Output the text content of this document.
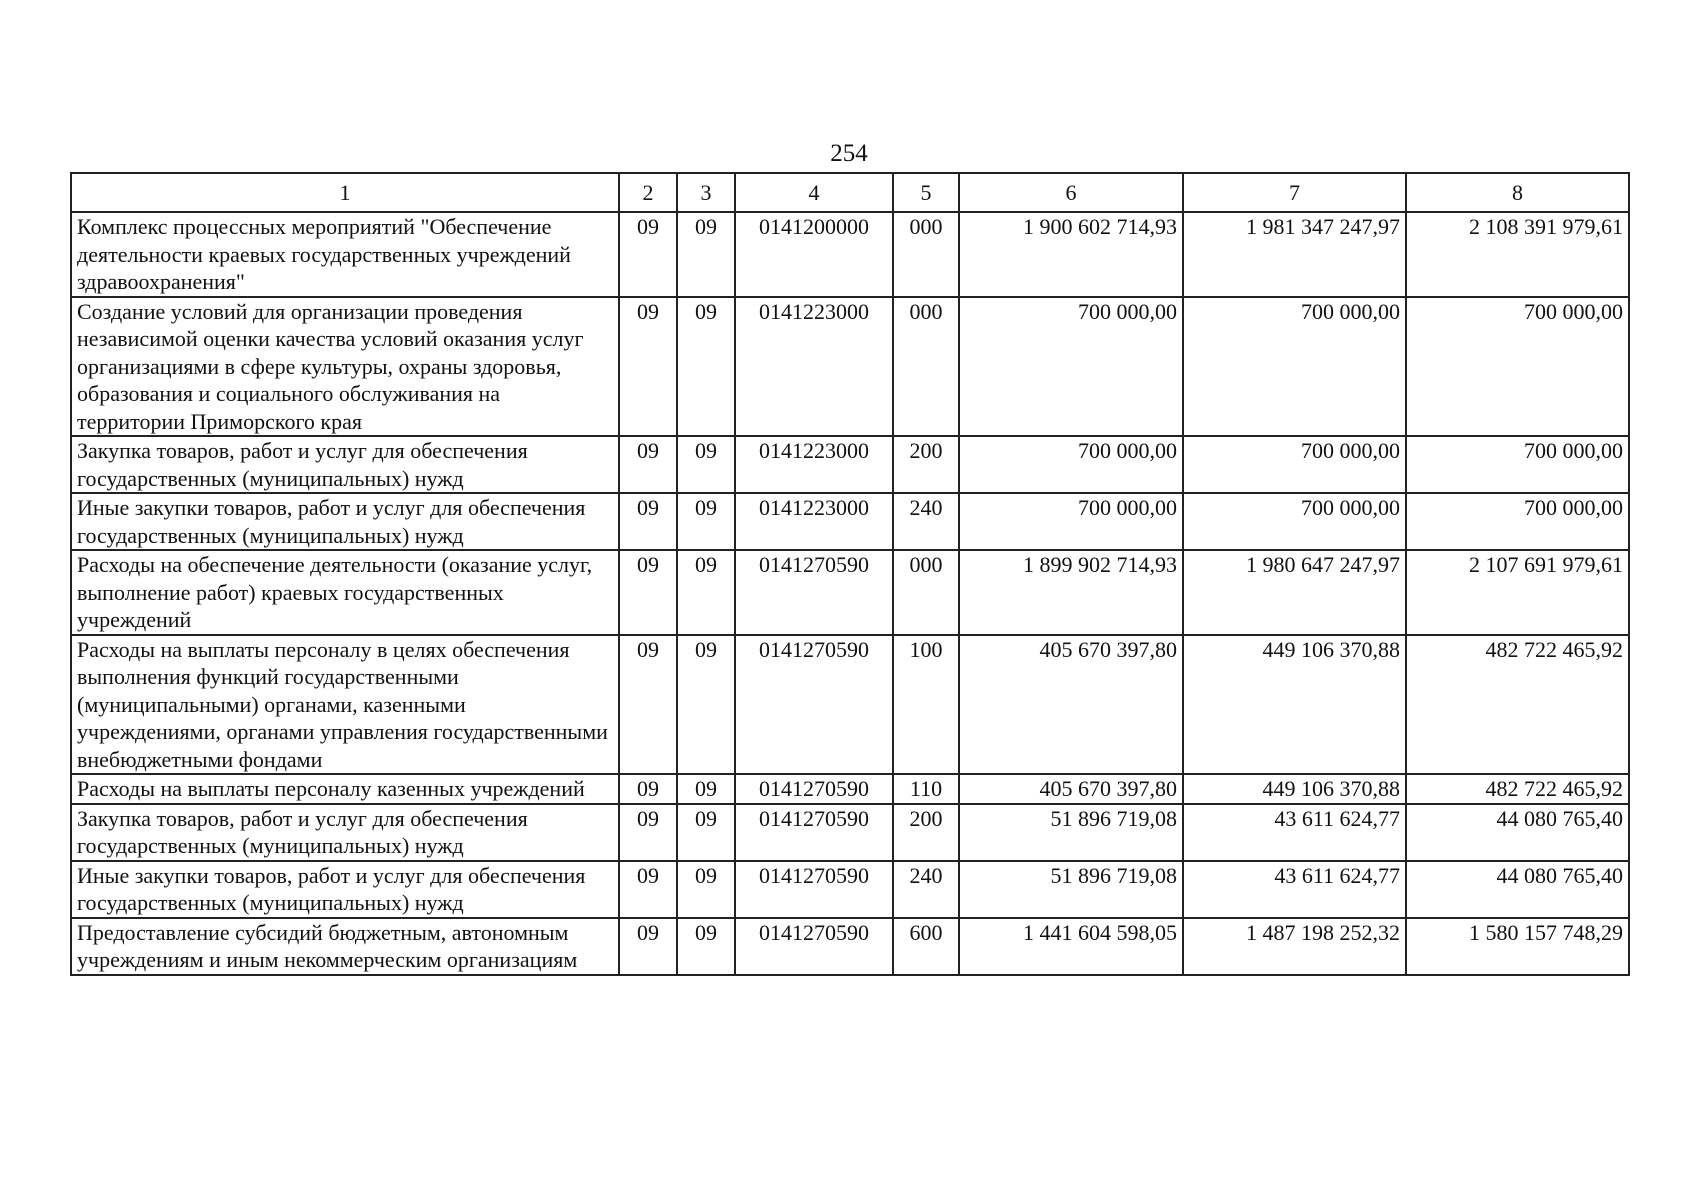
254
1	2	3	4	5	6	7	8
Комплекс процессных мероприятий "Обеспечение деятельности краевых государственных учреждений здравоохранения"	09	09	0141200000	000	1 900 602 714,93	1 981 347 247,97	2 108 391 979,61
Создание условий для организации проведения независимой оценки качества условий оказания услуг организациями в сфере культуры, охраны здоровья, образования и социального обслуживания на территории Приморского края	09	09	0141223000	000	700 000,00	700 000,00	700 000,00
Закупка товаров, работ и услуг для обеспечения государственных (муниципальных) нужд	09	09	0141223000	200	700 000,00	700 000,00	700 000,00
Иные закупки товаров, работ и услуг для обеспечения государственных (муниципальных) нужд	09	09	0141223000	240	700 000,00	700 000,00	700 000,00
Расходы на обеспечение деятельности (оказание услуг, выполнение работ) краевых государственных учреждений	09	09	0141270590	000	1 899 902 714,93	1 980 647 247,97	2 107 691 979,61
Расходы на выплаты персоналу в целях обеспечения выполнения функций государственными (муниципальными) органами, казенными учреждениями, органами управления государственными внебюджетными фондами	09	09	0141270590	100	405 670 397,80	449 106 370,88	482 722 465,92
Расходы на выплаты персоналу казенных учреждений	09	09	0141270590	110	405 670 397,80	449 106 370,88	482 722 465,92
Закупка товаров, работ и услуг для обеспечения государственных (муниципальных) нужд	09	09	0141270590	200	51 896 719,08	43 611 624,77	44 080 765,40
Иные закупки товаров, работ и услуг для обеспечения государственных (муниципальных) нужд	09	09	0141270590	240	51 896 719,08	43 611 624,77	44 080 765,40
Предоставление субсидий бюджетным, автономным учреждениям и иным некоммерческим организациям	09	09	0141270590	600	1 441 604 598,05	1 487 198 252,32	1 580 157 748,29
